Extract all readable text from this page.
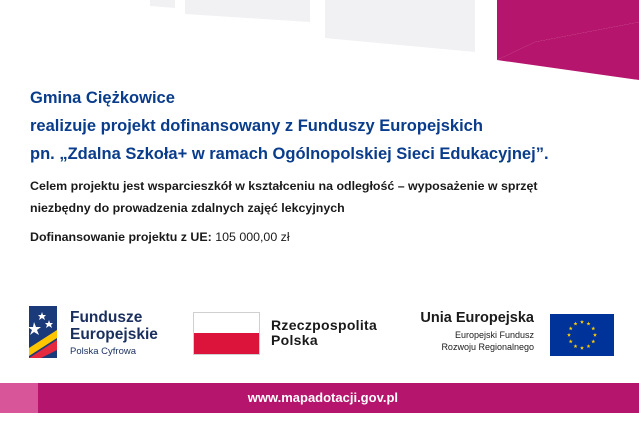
Gmina Ciężkowice

realizuje projekt dofinansowany z Funduszy Europejskich

pn. „Zdalna Szkoła+ w ramach Ogólnopolskiej Sieci Edukacyjnej”.

Celem projektu jest wsparcieszkół w kształceniu na odległość – wyposażenie w sprzęt

niezbędny do prowadzenia zdalnych zajęć lekcyjnych

Dofinansowanie projektu z UE: 105 000,00 zł

Fundusze
Europejskie
Polska Cyfrowa
Rzeczpospolita
Polska
Unia Europejska
Europejski Fundusz
Rozwoju Regionalnego
www.mapadotacji.gov.pl
